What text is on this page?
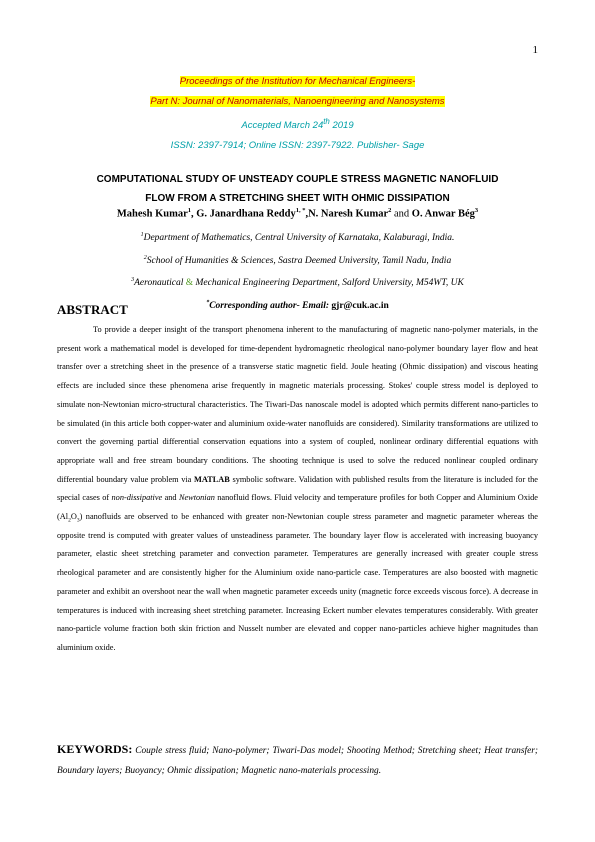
1
Proceedings of the Institution for Mechanical Engineers-
Part N: Journal of Nanomaterials, Nanoengineering and Nanosystems
Accepted March 24th 2019
ISSN: 2397-7914; Online ISSN: 2397-7922. Publisher- Sage
COMPUTATIONAL STUDY OF UNSTEADY COUPLE STRESS MAGNETIC NANOFLUID
FLOW FROM A STRETCHING SHEET WITH OHMIC DISSIPATION
Mahesh Kumar$^1$, G. Janardhana Reddy$^{1, *}$,N. Naresh Kumar$^2$ and O. Anwar Bég$^3$
$^1$Department of Mathematics, Central University of Karnataka, Kalaburagi, India.
$^2$School of Humanities & Sciences, Sastra Deemed University, Tamil Nadu, India
$^3$Aeronautical & Mechanical Engineering Department, Salford University, M54WT, UK
*Corresponding author- Email: gjr@cuk.ac.in
ABSTRACT
To provide a deeper insight of the transport phenomena inherent to the manufacturing of magnetic nano-polymer materials, in the present work a mathematical model is developed for time-dependent hydromagnetic rheological nano-polymer boundary layer flow and heat transfer over a stretching sheet in the presence of a transverse static magnetic field. Joule heating (Ohmic dissipation) and viscous heating effects are included since these phenomena arise frequently in magnetic materials processing. Stokes' couple stress model is deployed to simulate non-Newtonian micro-structural characteristics. The Tiwari-Das nanoscale model is adopted which permits different nano-particles to be simulated (in this article both copper-water and aluminium oxide-water nanofluids are considered). Similarity transformations are utilized to convert the governing partial differential conservation equations into a system of coupled, nonlinear ordinary differential equations with appropriate wall and free stream boundary conditions. The shooting technique is used to solve the reduced nonlinear coupled ordinary differential boundary value problem via MATLAB symbolic software. Validation with published results from the literature is included for the special cases of non-dissipative and Newtonian nanofluid flows. Fluid velocity and temperature profiles for both Copper and Aluminium Oxide $(Al_2O_3)$ nanofluids are observed to be enhanced with greater non-Newtonian couple stress parameter and magnetic parameter whereas the opposite trend is computed with greater values of unsteadiness parameter. The boundary layer flow is accelerated with increasing buoyancy parameter, elastic sheet stretching parameter and convection parameter. Temperatures are generally increased with greater couple stress rheological parameter and are consistently higher for the Aluminium oxide nano-particle case. Temperatures are also boosted with magnetic parameter and exhibit an overshoot near the wall when magnetic parameter exceeds unity (magnetic force exceeds viscous force). A decrease in temperatures is induced with increasing sheet stretching parameter. Increasing Eckert number elevates temperatures considerably. With greater nano-particle volume fraction both skin friction and Nusselt number are elevated and copper nano-particles achieve higher magnitudes than aluminium oxide.
KEYWORDS: Couple stress fluid; Nano-polymer; Tiwari-Das model; Shooting Method; Stretching sheet; Heat transfer; Boundary layers; Buoyancy; Ohmic dissipation; Magnetic nano-materials processing.
